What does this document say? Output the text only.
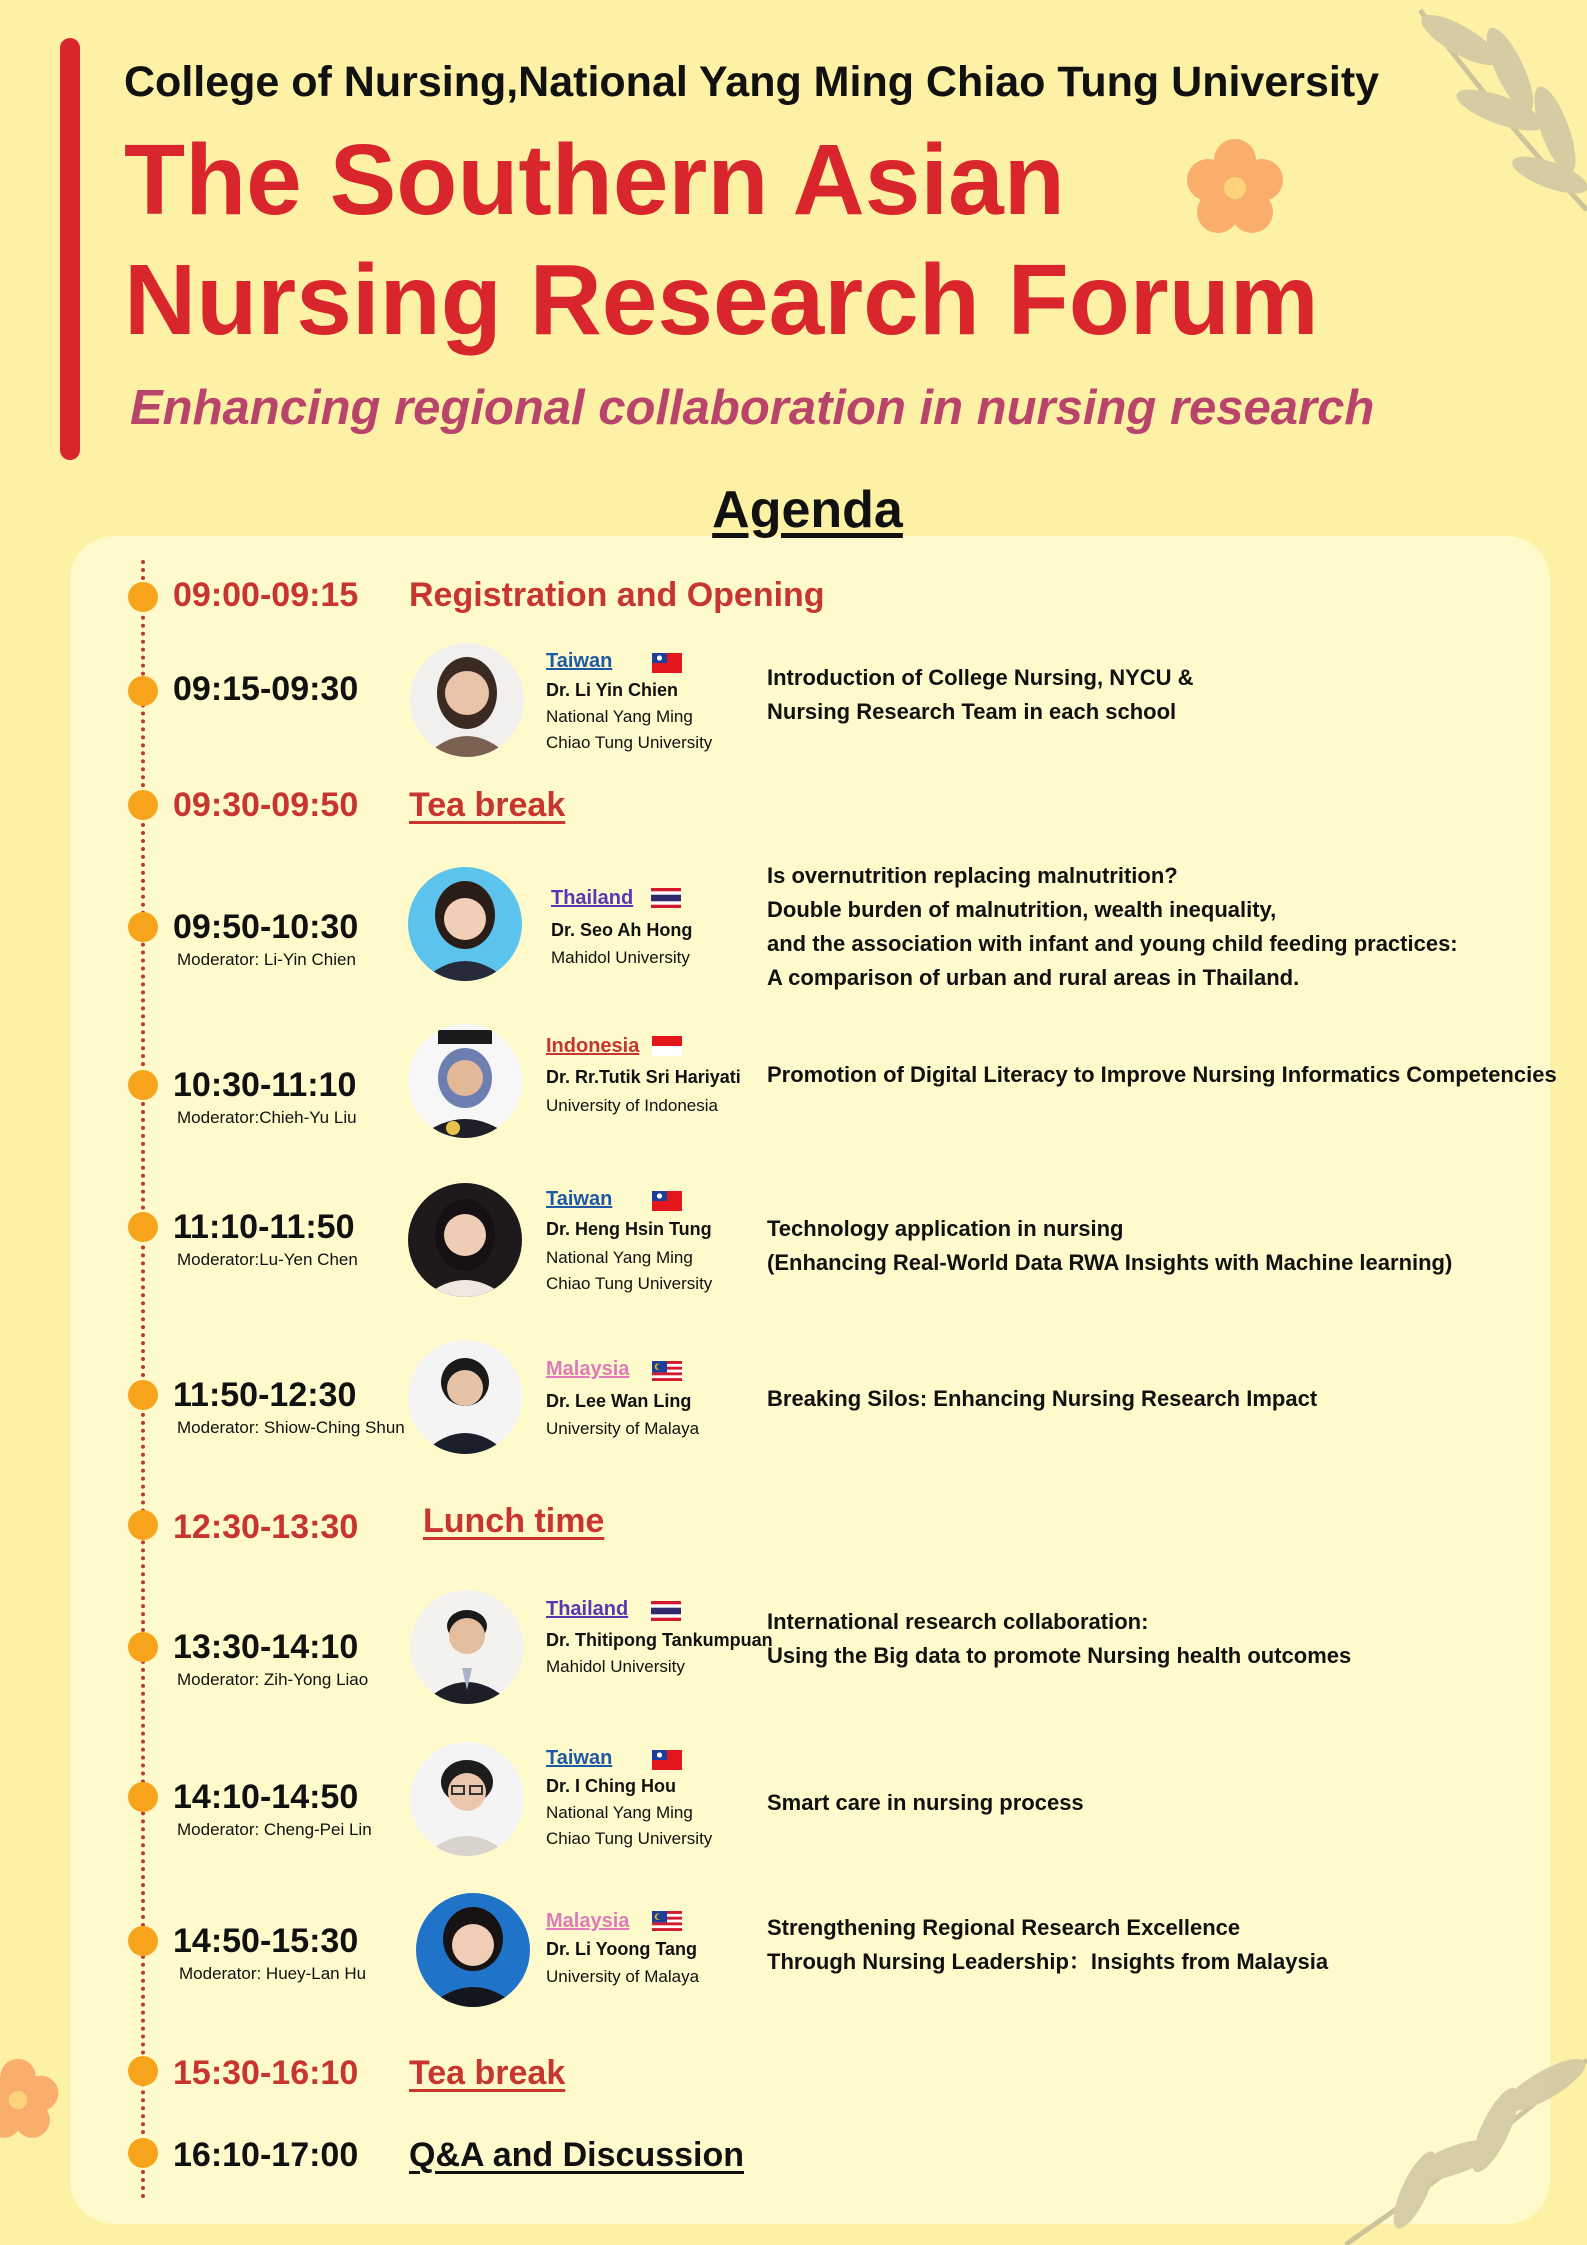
College of Nursing,National Yang Ming Chiao Tung University
The Southern Asian
Nursing Research Forum
Enhancing regional collaboration in nursing research
Agenda
09:00-09:15 Registration and Opening
09:15-09:30
Taiwan
Dr. Li Yin Chien
National Yang Ming
Chiao Tung University
Introduction of College Nursing, NYCU &
Nursing Research Team in each school
09:30-09:50 Tea break
09:50-10:30
Moderator: Li-Yin Chien
Thailand
Dr. Seo Ah Hong
Mahidol University
Is overnutrition replacing malnutrition?
Double burden of malnutrition, wealth inequality,
and the association with infant and young child feeding practices:
A comparison of urban and rural areas in Thailand.
10:30-11:10
Moderator:Chieh-Yu Liu
Indonesia
Dr. Rr.Tutik Sri Hariyati
University of Indonesia
Promotion of Digital Literacy to Improve Nursing Informatics Competencies
11:10-11:50
Moderator:Lu-Yen Chen
Taiwan
Dr. Heng Hsin Tung
National Yang Ming
Chiao Tung University
Technology application in nursing
(Enhancing Real-World Data RWA Insights with Machine learning)
11:50-12:30
Moderator: Shiow-Ching Shun
Malaysia
Dr. Lee Wan Ling
University of Malaya
Breaking Silos: Enhancing Nursing Research Impact
12:30-13:30 Lunch time
13:30-14:10
Moderator: Zih-Yong Liao
Thailand
Dr. Thitipong Tankumpuan
Mahidol University
International research collaboration:
Using the Big data to promote Nursing health outcomes
14:10-14:50
Moderator: Cheng-Pei Lin
Taiwan
Dr. I Ching Hou
National Yang Ming
Chiao Tung University
Smart care in nursing process
14:50-15:30
Moderator: Huey-Lan Hu
Malaysia
Dr. Li Yoong Tang
University of Malaya
Strengthening Regional Research Excellence
Through Nursing Leadership：Insights from Malaysia
15:30-16:10 Tea break
16:10-17:00 Q&A and Discussion
